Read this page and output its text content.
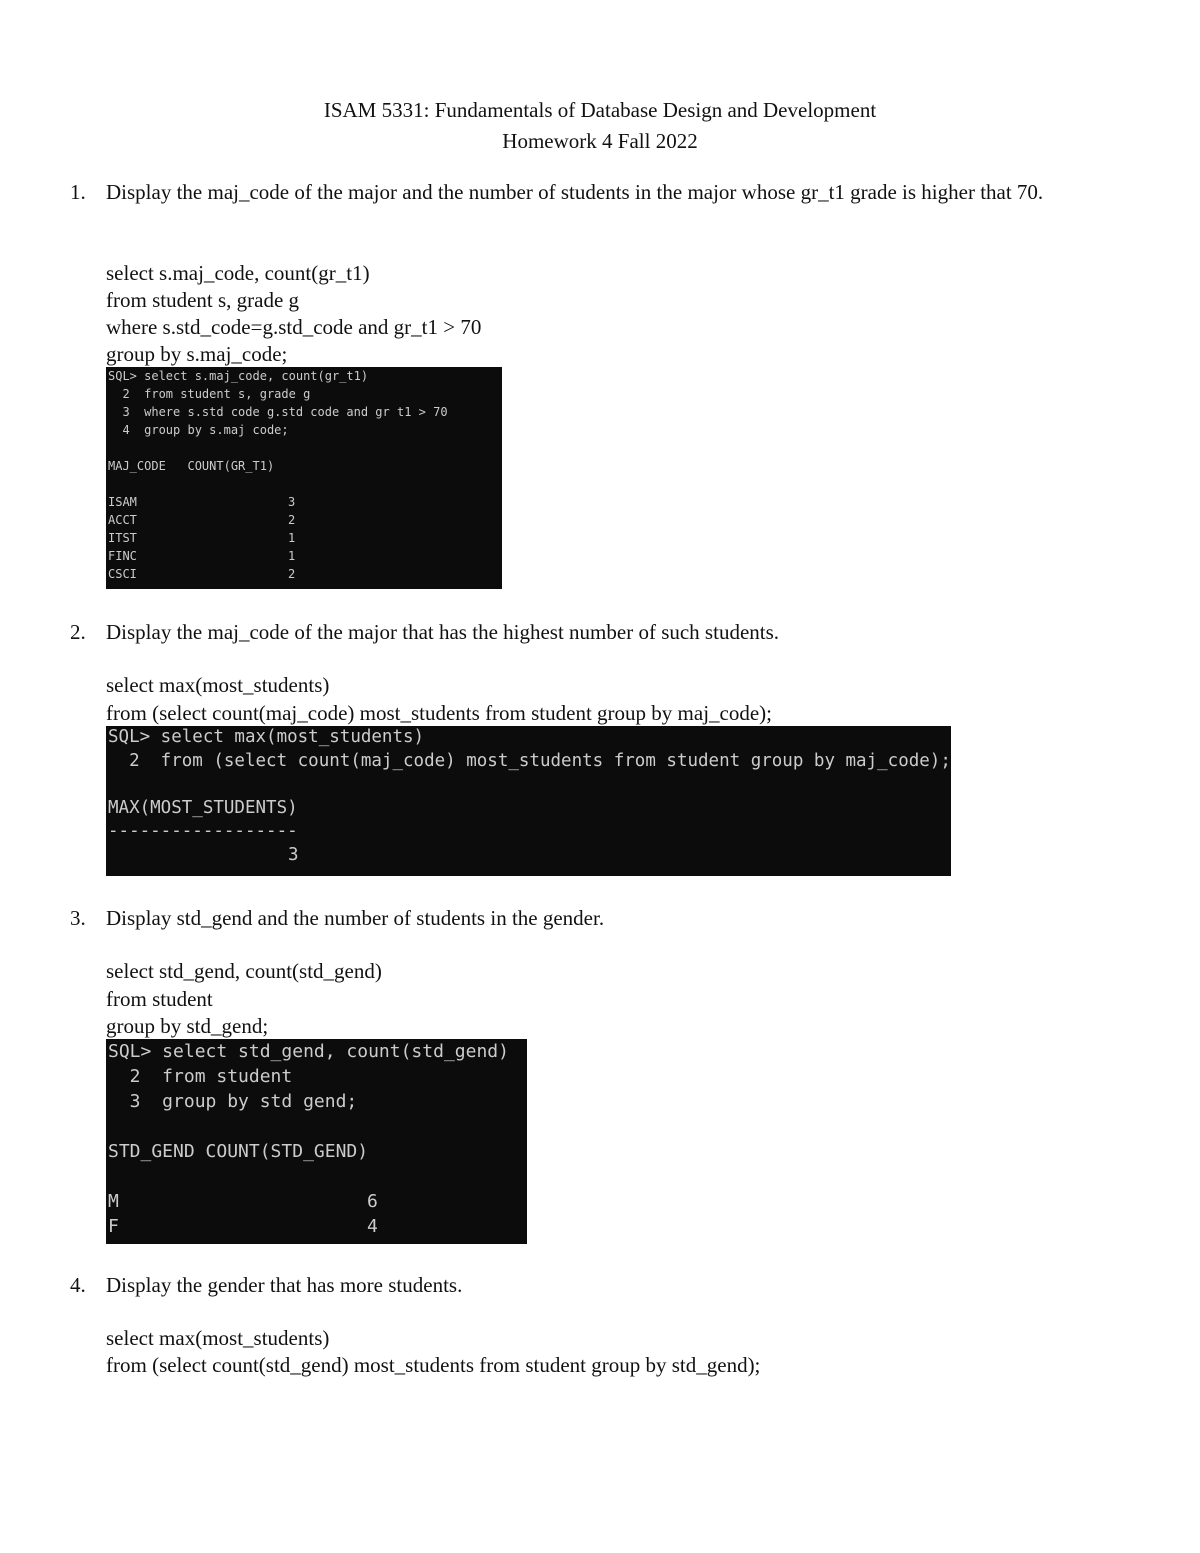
ISAM 5331: Fundamentals of Database Design and Development
Homework 4 Fall 2022
1. Display the maj_code of the major and the number of students in the major whose gr_t1 grade is higher that 70.
select s.maj_code, count(gr_t1)
from student s, grade g
where s.std_code=g.std_code and gr_t1 > 70
group by s.maj_code;
SQL> select s.maj_code, count(gr_t1)
2  from student s, grade g
3  where s.std code g.std code and gr t1 > 70
4  group by s.maj code;

MAJ_CODE   COUNT(GR_T1)

ISAM	3
ACCT	2
ITST	1
FINC	1
CSCI	2
2. Display the maj_code of the major that has the highest number of such students.
select max(most_students)
from (select count(maj_code) most_students from student group by maj_code);
SQL> select max(most_students)
2  from (select count(maj_code) most_students from student group by maj_code);

MAX(MOST_STUDENTS)
------------------
3
3. Display std_gend and the number of students in the gender.
select std_gend, count(std_gend)
from student
group by std_gend;
SQL> select std_gend, count(std_gend)
2  from student
3  group by std gend;

STD_GEND COUNT(STD_GEND)

M	6
F	4
4. Display the gender that has more students.
select max(most_students)
from (select count(std_gend) most_students from student group by std_gend);
